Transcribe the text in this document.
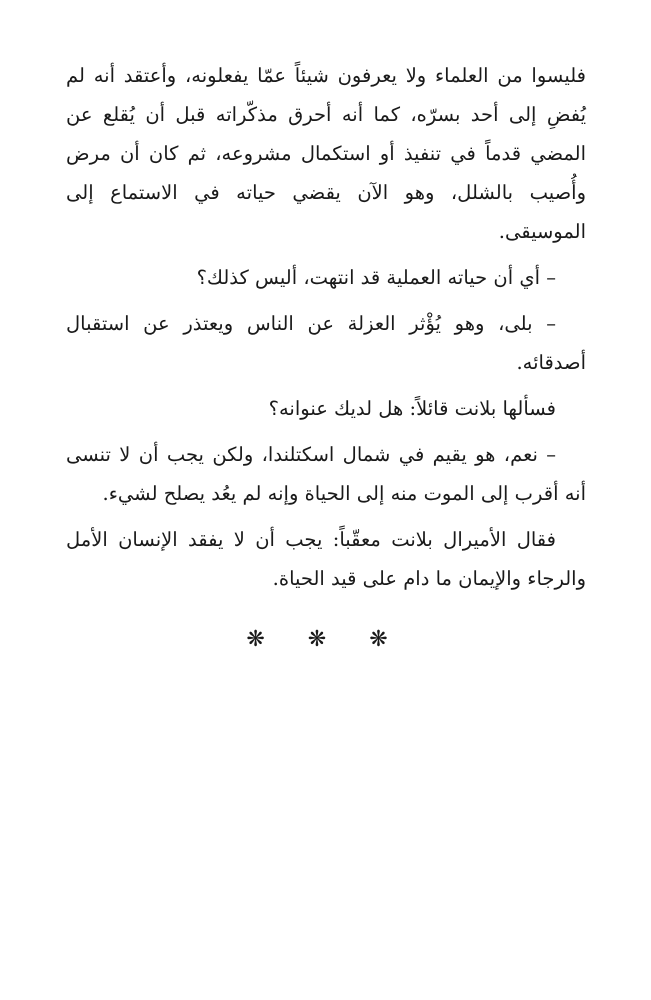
فليسوا من العلماء ولا يعرفون شيئاً عمّا يفعلونه، وأعتقد أنه لم يُفضِ إلى أحد بسرّه، كما أنه أحرق مذكّراته قبل أن يُقلع عن المضي قدماً في تنفيذ أو استكمال مشروعه، ثم كان أن مرض وأُصيب بالشلل، وهو الآن يقضي حياته في الاستماع إلى الموسيقى.

– أي أن حياته العملية قد انتهت، أليس كذلك؟

– بلى، وهو يُؤْثر العزلة عن الناس ويعتذر عن استقبال أصدقائه.

فسألها بلانت قائلاً: هل لديك عنوانه؟

– نعم، هو يقيم في شمال اسكتلندا، ولكن يجب أن لا تنسى أنه أقرب إلى الموت منه إلى الحياة وإنه لم يعُد يصلح لشيء.

فقال الأميرال بلانت معقّباً: يجب أن لا يفقد الإنسان الأمل والرجاء والإيمان ما دام على قيد الحياة.

❋ ❋ ❋
